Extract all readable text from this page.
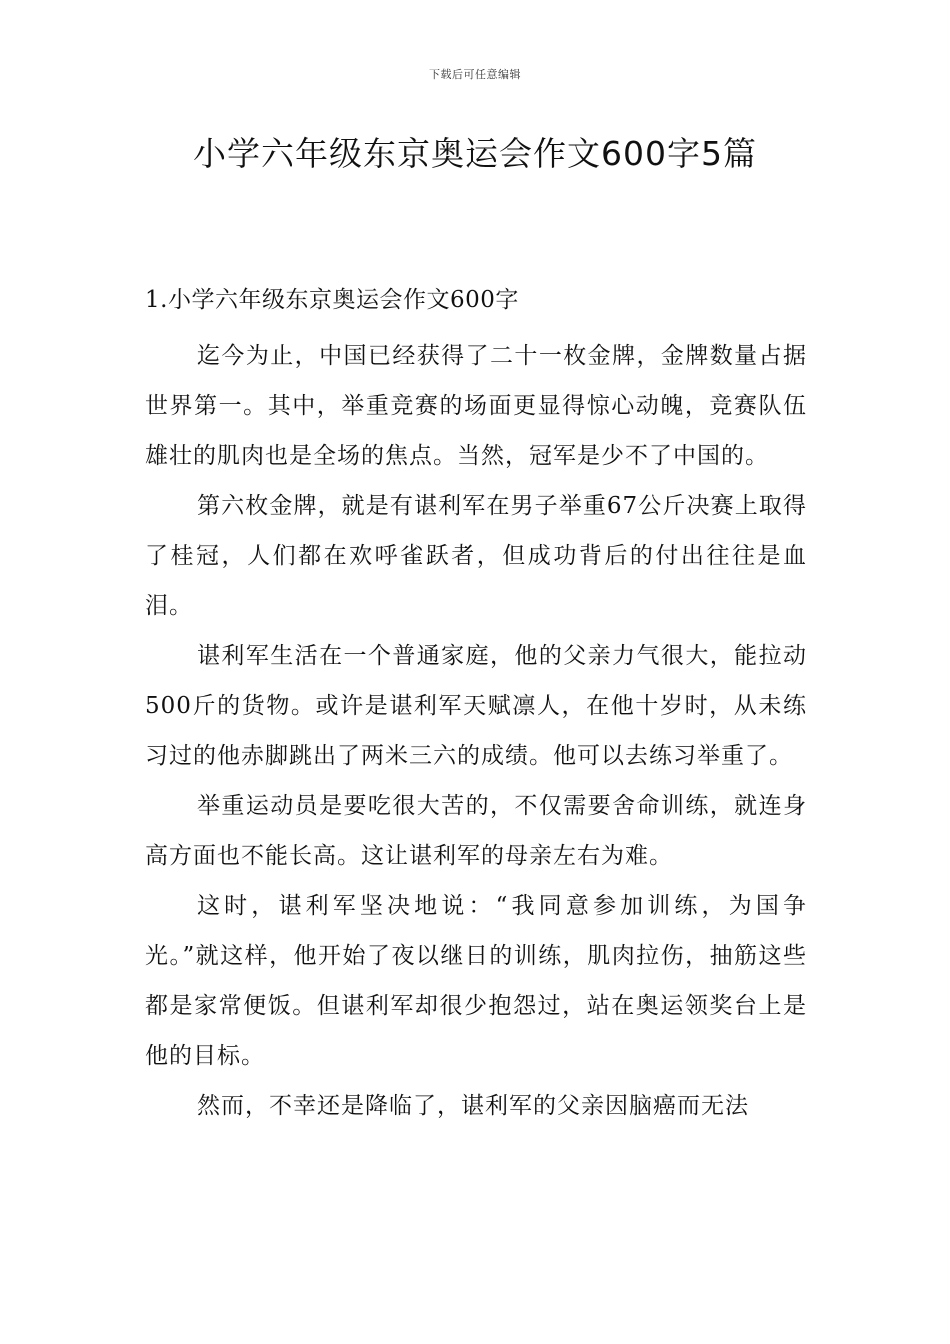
下载后可任意编辑
小学六年级东京奥运会作文600字5篇

1.小学六年级东京奥运会作文600字

迄今为止，中国已经获得了二十一枚金牌，金牌数量占据世界第一。其中，举重竞赛的场面更显得惊心动魄，竞赛队伍雄壮的肌肉也是全场的焦点。当然，冠军是少不了中国的。

第六枚金牌，就是有谌利军在男子举重67公斤决赛上取得了桂冠，人们都在欢呼雀跃者，但成功背后的付出往往是血泪。

谌利军生活在一个普通家庭，他的父亲力气很大，能拉动500斤的货物。或许是谌利军天赋凛人，在他十岁时，从未练习过的他赤脚跳出了两米三六的成绩。他可以去练习举重了。

举重运动员是要吃很大苦的，不仅需要舍命训练，就连身高方面也不能长高。这让谌利军的母亲左右为难。

这时，谌利军坚决地说：“我同意参加训练，为国争光。”就这样，他开始了夜以继日的训练，肌肉拉伤，抽筋这些都是家常便饭。但谌利军却很少抱怨过，站在奥运领奖台上是他的目标。

然而，不幸还是降临了，谌利军的父亲因脑癌而无法
